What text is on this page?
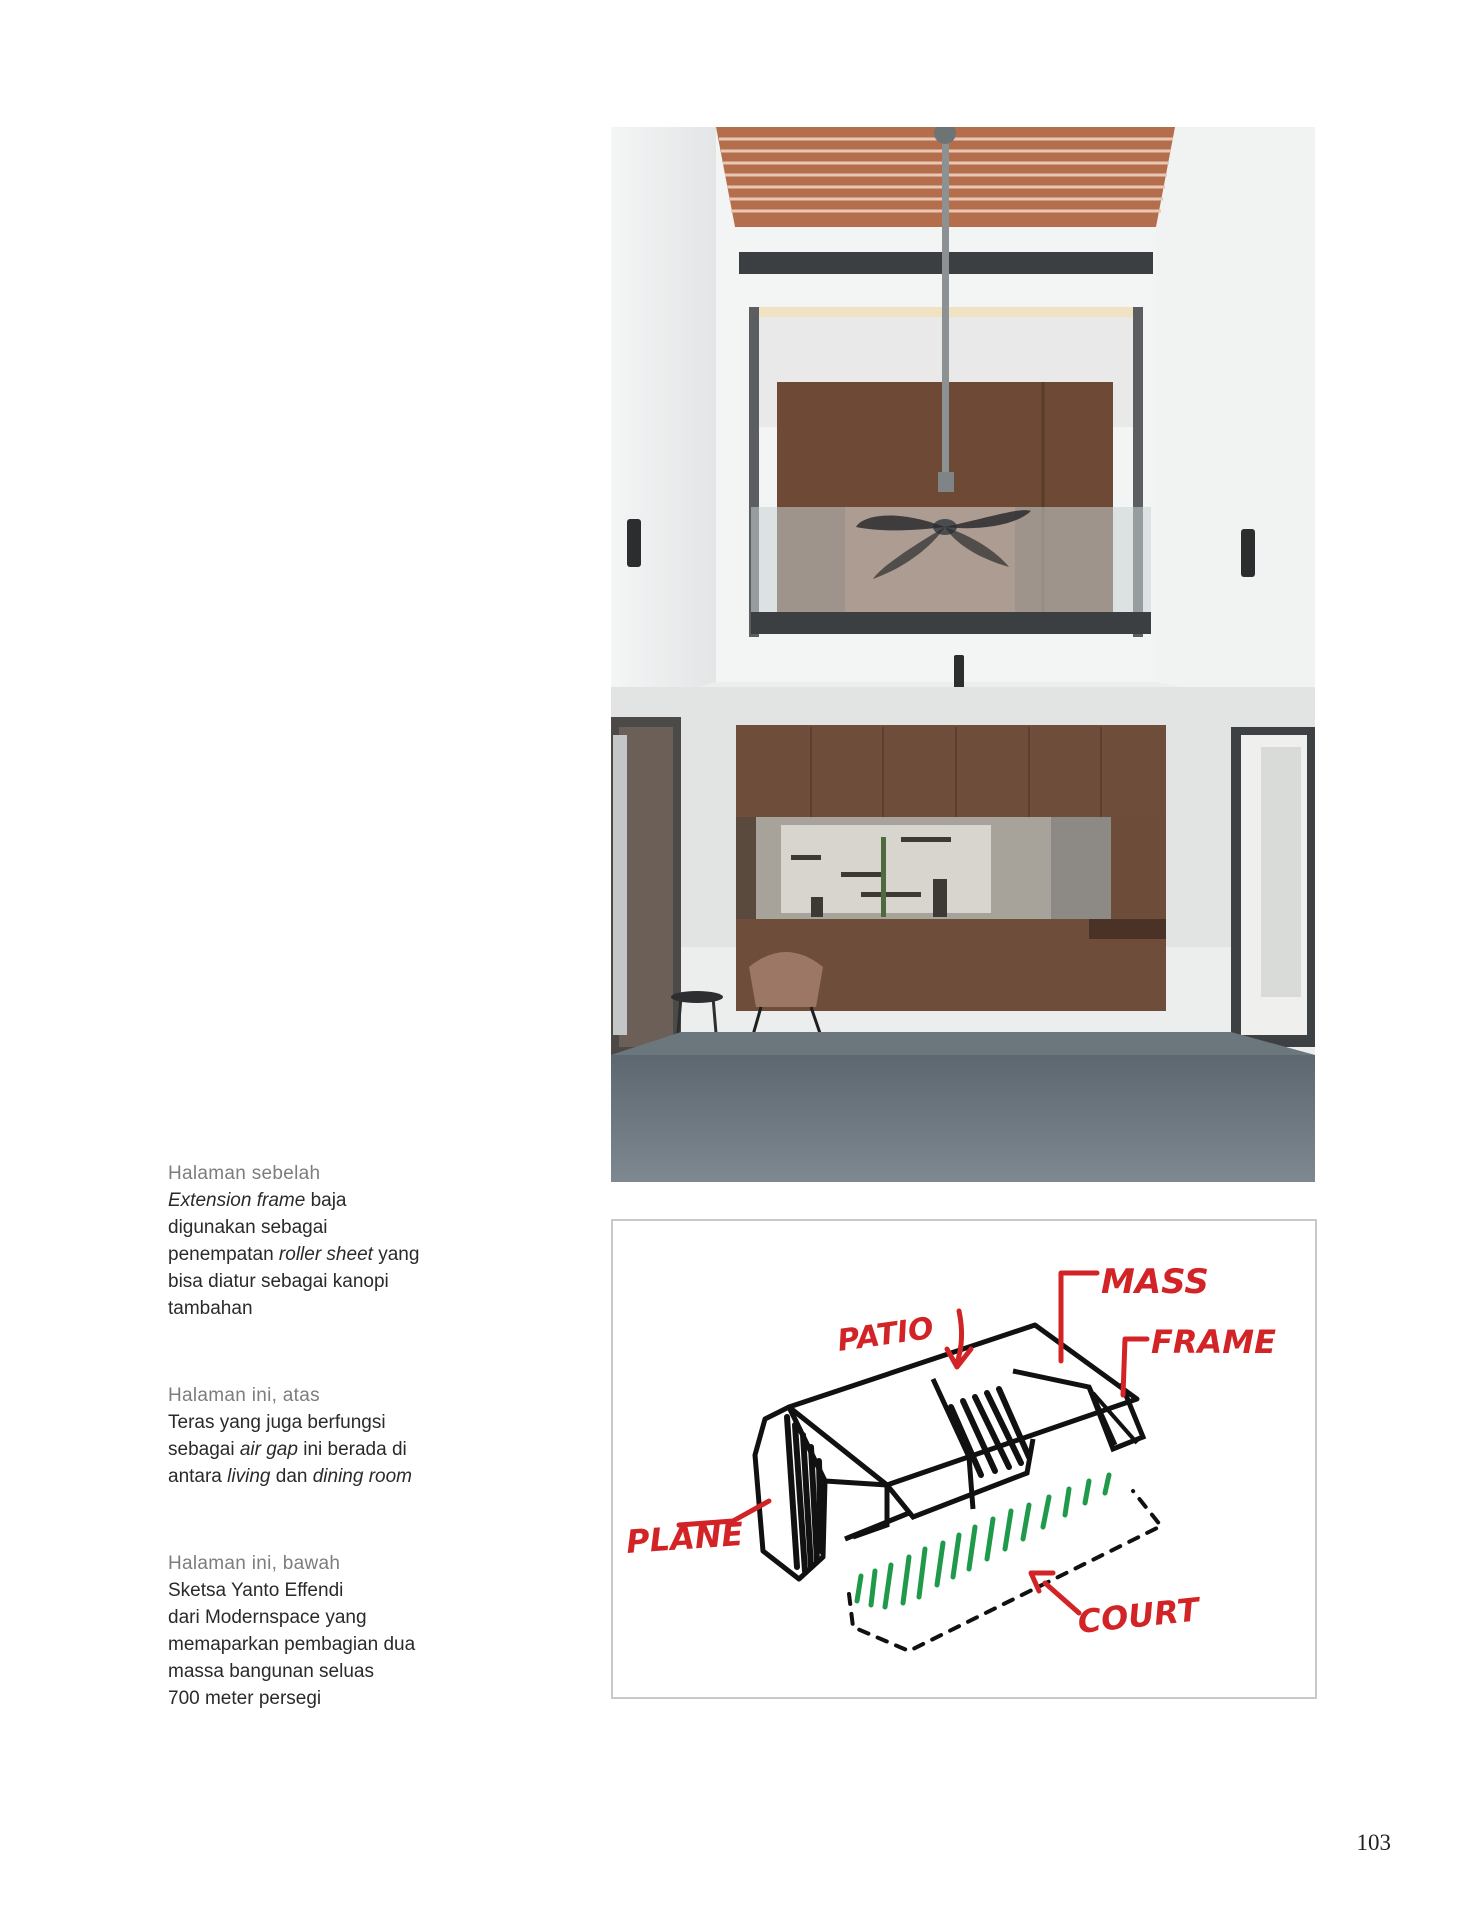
Halaman sebelah
Extension frame baja
digunakan sebagai
penempatan roller sheet yang
bisa diatur sebagai kanopi
tambahan
Halaman ini, atas
Teras yang juga berfungsi
sebagai air gap ini berada di
antara living dan dining room
Halaman ini, bawah
Sketsa Yanto Effendi
dari Modernspace yang
memaparkan pembagian dua
massa bangunan seluas
700 meter persegi
MASS
PATIO	FRAME
PLANE
COURT
103
